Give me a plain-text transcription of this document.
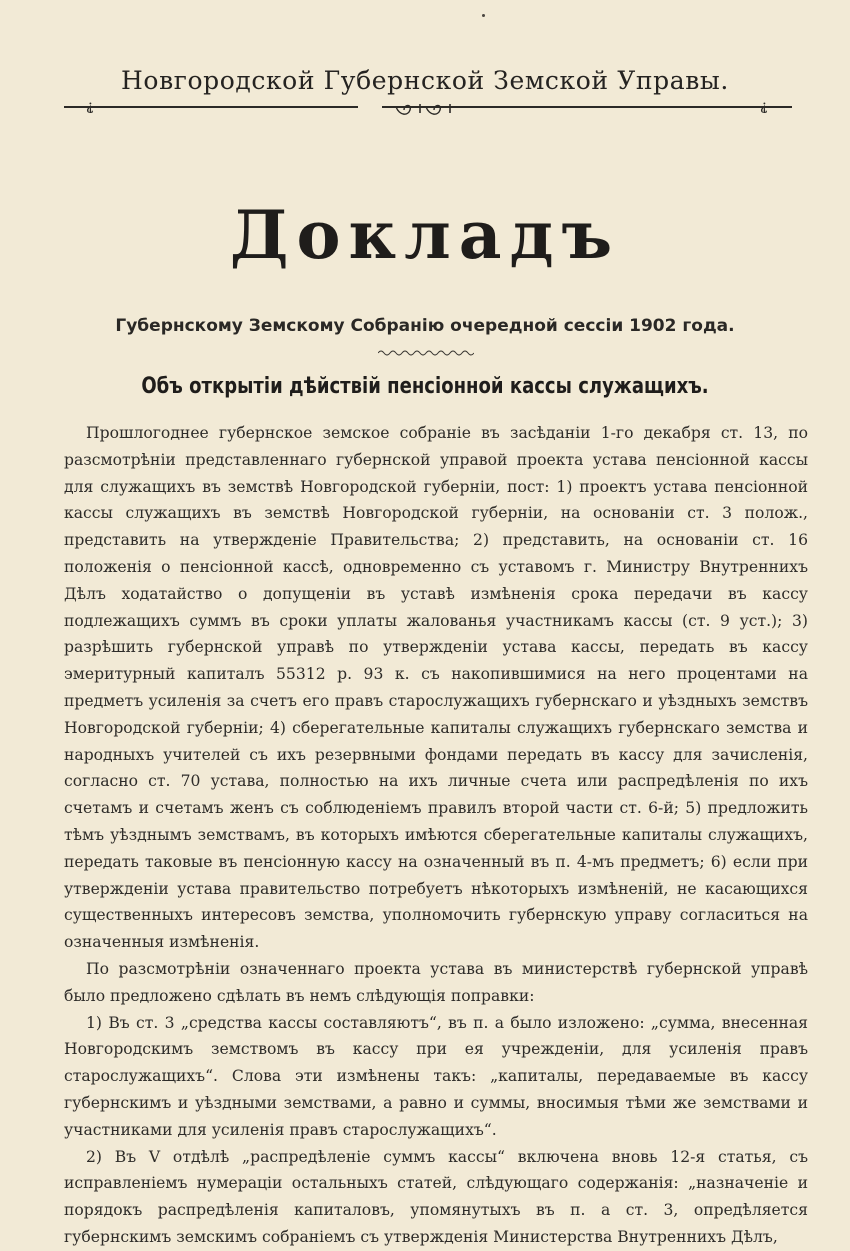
Новгородской Губернской Земской Управы.
⸘	⸘
Докладъ
Губернскому Земскому Собранію очередной сессіи 1902 года.
Объ открытіи дѣйствій пенсіонной кассы служащихъ.

Прошлогоднее губернское земское собраніе въ засѣданіи 1-го декабря ст. 13, по разсмотрѣніи представленнаго губернской управой проекта устава пенсіонной кассы для служащихъ въ земствѣ Новгородской губерніи, пост: 1) проектъ устава пенсіонной кассы служащихъ въ земствѣ Новгородской губерніи, на основаніи ст. 3 полож., представить на утвержденіе Правительства; 2) представить, на основаніи ст. 16 положенія о пенсіонной кассѣ, одновременно съ уставомъ г. Министру Внутреннихъ Дѣлъ ходатайство о допущеніи въ уставѣ измѣненія срока передачи въ кассу подлежащихъ суммъ въ сроки уплаты жалованья участникамъ кассы (ст. 9 уст.); 3) разрѣшить губернской управѣ по утвержденіи устава кассы, передать въ кассу эмеритурный капиталъ 55312 р. 93 к. съ накопившимися на него процентами на предметъ усиленія за счетъ его правъ старослужащихъ губернскаго и уѣздныхъ земствъ Новгородской губерніи; 4) сберегательные капиталы служащихъ губернскаго земства и народныхъ учителей съ ихъ резервными фондами передать въ кассу для зачисленія, согласно ст. 70 устава, полностью на ихъ личные счета или распредѣленія по ихъ счетамъ и счетамъ женъ съ соблюденіемъ правилъ второй части ст. 6-й; 5) предложить тѣмъ уѣзднымъ земствамъ, въ которыхъ имѣются сберегательные капиталы служащихъ, передать таковые въ пенсіонную кассу на означенный въ п. 4-мъ предметъ; 6) если при утвержденіи устава правительство потребуетъ нѣкоторыхъ измѣненій, не касающихся существенныхъ интересовъ земства, уполномочить губернскую управу согласиться на означенныя измѣненія.

По разсмотрѣніи означеннаго проекта устава въ министерствѣ губернской управѣ было предложено сдѣлать въ немъ слѣдующія поправки:

1) Въ ст. 3 „средства кассы составляютъ“, въ п. а было изложено: „сумма, внесенная Новгородскимъ земствомъ въ кассу при ея учрежденіи, для усиленія правъ старослужащихъ“. Слова эти измѣнены такъ: „капиталы, передаваемые въ кассу губернскимъ и уѣздными земствами, а равно и суммы, вносимыя тѣми же земствами и участниками для усиленія правъ старослужащихъ“.

2) Въ V отдѣлѣ „распредѣленіе суммъ кассы“ включена вновь 12-я статья, съ исправленіемъ нумераціи остальныхъ статей, слѣдующаго содержанія: „назначеніе и порядокъ распредѣленія капиталовъ, упомянутыхъ въ п. а ст. 3, опредѣляется губернскимъ земскимъ собраніемъ съ утвержденія Министерства Внутреннихъ Дѣлъ,
